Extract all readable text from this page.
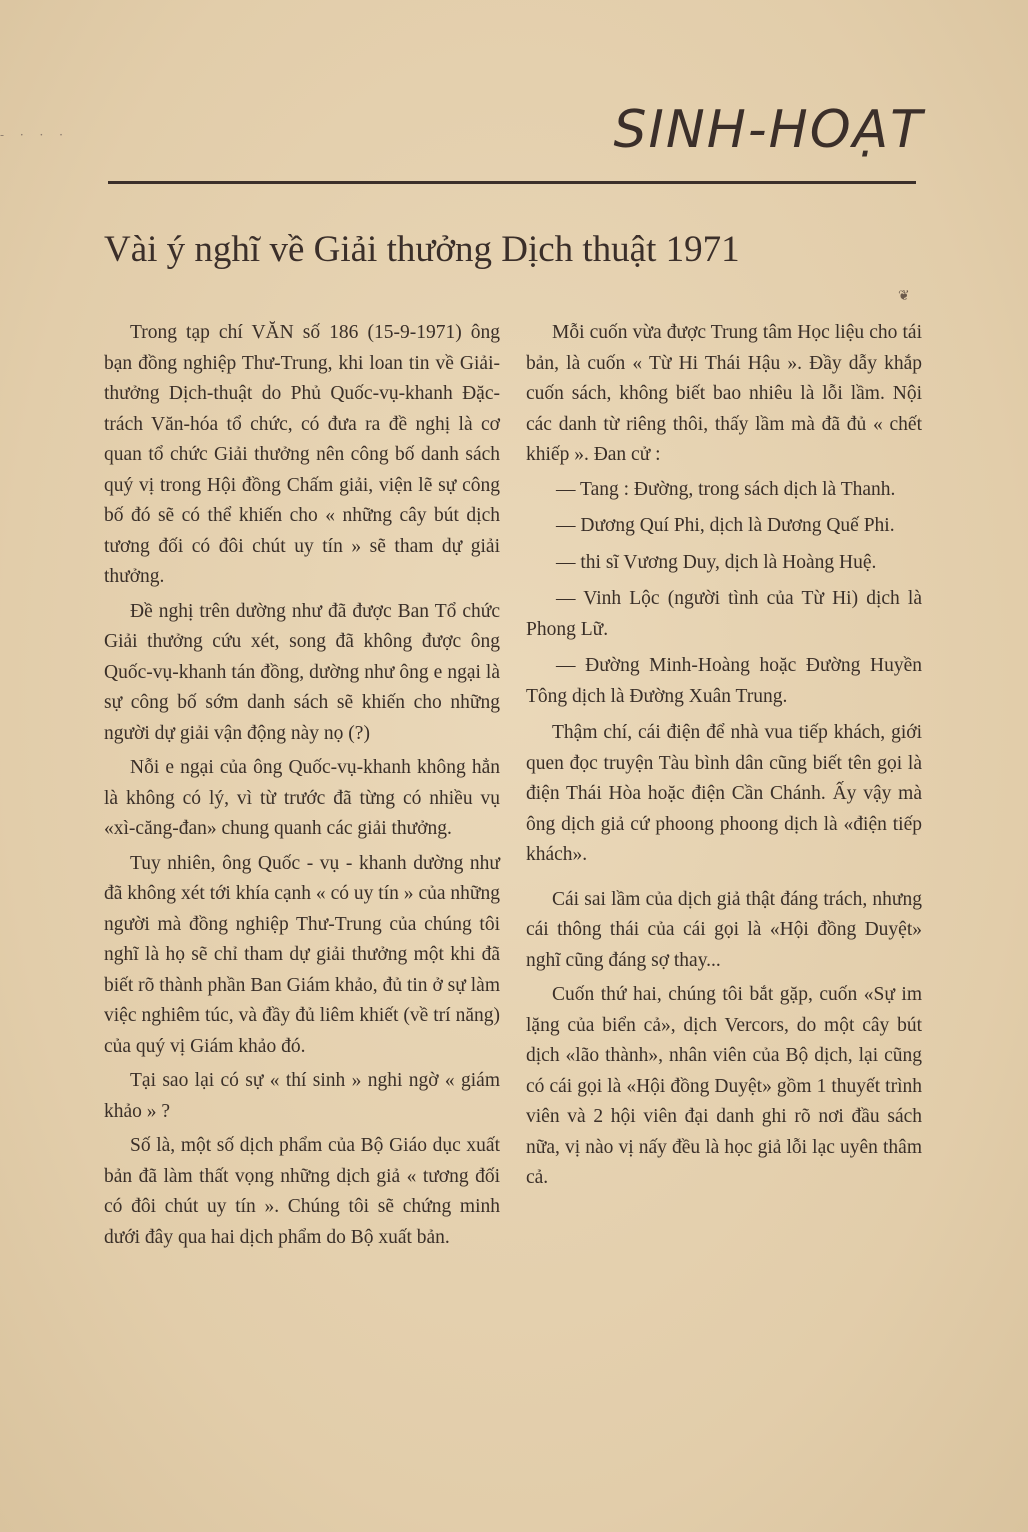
- · · ·	SINH-HOẠT
Vài ý nghĩ về Giải thưởng Dịch thuật 1971
❦

Trong tạp chí VĂN số 186 (15-9-1971) ông bạn đồng nghiệp Thư-Trung, khi loan tin về Giải-thưởng Dịch-thuật do Phủ Quốc-vụ-khanh Đặc-trách Văn-hóa tổ chức, có đưa ra đề nghị là cơ quan tổ chức Giải thưởng nên công bố danh sách quý vị trong Hội đồng Chấm giải, viện lẽ sự công bố đó sẽ có thể khiến cho « những cây bút dịch tương đối có đôi chút uy tín » sẽ tham dự giải thưởng.

Đề nghị trên dường như đã được Ban Tổ chức Giải thưởng cứu xét, song đã không được ông Quốc-vụ-khanh tán đồng, dường như ông e ngại là sự công bố sớm danh sách sẽ khiến cho những người dự giải vận động này nọ (?)

Nỗi e ngại của ông Quốc-vụ-khanh không hẳn là không có lý, vì từ trước đã từng có nhiều vụ «xì-căng-đan» chung quanh các giải thưởng.

Tuy nhiên, ông Quốc - vụ - khanh dường như đã không xét tới khía cạnh « có uy tín » của những người mà đồng nghiệp Thư-Trung của chúng tôi nghĩ là họ sẽ chỉ tham dự giải thưởng một khi đã biết rõ thành phần Ban Giám khảo, đủ tin ở sự làm việc nghiêm túc, và đầy đủ liêm khiết (về trí năng) của quý vị Giám khảo đó.

Tại sao lại có sự « thí sinh » nghi ngờ « giám khảo » ?

Số là, một số dịch phẩm của Bộ Giáo dục xuất bản đã làm thất vọng những dịch giả « tương đối có đôi chút uy tín ». Chúng tôi sẽ chứng minh dưới đây qua hai dịch phẩm do Bộ xuất bản.

Mỗi cuốn vừa được Trung tâm Học liệu cho tái bản, là cuốn « Từ Hi Thái Hậu ». Đầy dẫy khắp cuốn sách, không biết bao nhiêu là lỗi lầm. Nội các danh từ riêng thôi, thấy lầm mà đã đủ « chết khiếp ». Đan cử :

— Tang : Đường, trong sách dịch là Thanh.

— Dương Quí Phi, dịch là Dương Quế Phi.

— thi sĩ Vương Duy, dịch là Hoàng Huệ.

— Vinh Lộc (người tình của Từ Hi) dịch là Phong Lữ.

— Đường Minh-Hoàng hoặc Đường Huyền Tông dịch là Đường Xuân Trung.

Thậm chí, cái điện để nhà vua tiếp khách, giới quen đọc truyện Tàu bình dân cũng biết tên gọi là điện Thái Hòa hoặc điện Cần Chánh. Ấy vậy mà ông dịch giả cứ phoong phoong dịch là «điện tiếp khách».

Cái sai lầm của dịch giả thật đáng trách, nhưng cái thông thái của cái gọi là «Hội đồng Duyệt» nghĩ cũng đáng sợ thay...

Cuốn thứ hai, chúng tôi bắt gặp, cuốn «Sự im lặng của biển cả», dịch Vercors, do một cây bút dịch «lão thành», nhân viên của Bộ dịch, lại cũng có cái gọi là «Hội đồng Duyệt» gồm 1 thuyết trình viên và 2 hội viên đại danh ghi rõ nơi đầu sách nữa, vị nào vị nấy đều là học giả lỗi lạc uyên thâm cả.
